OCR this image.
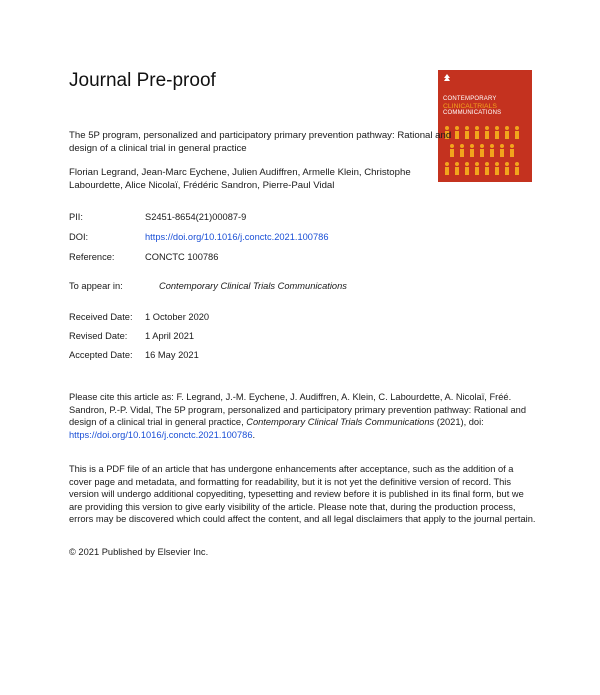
Journal Pre-proof
CONTEMPORARY
CLINICALTRIALS
COMMUNICATIONS
The 5P program, personalized and participatory primary prevention pathway: Rational and design of a clinical trial in general practice
Florian Legrand, Jean-Marc Eychene, Julien Audiffren, Armelle Klein, Christophe Labourdette, Alice Nicolaï, Frédéric Sandron, Pierre-Paul Vidal
PII:	S2451-8654(21)00087-9
DOI:	https://doi.org/10.1016/j.conctc.2021.100786
Reference:	CONCTC 100786
To appear in:	Contemporary Clinical Trials Communications
Received Date: 1 October 2020
Revised Date: 1 April 2021
Accepted Date: 16 May 2021
Please cite this article as: F. Legrand, J.-M. Eychene, J. Audiffren, A. Klein, C. Labourdette, A. Nicolaï, Fréé. Sandron, P.-P. Vidal, The 5P program, personalized and participatory primary prevention pathway: Rational and design of a clinical trial in general practice, Contemporary Clinical Trials Communications (2021), doi: https://doi.org/10.1016/j.conctc.2021.100786.
This is a PDF file of an article that has undergone enhancements after acceptance, such as the addition of a cover page and metadata, and formatting for readability, but it is not yet the definitive version of record. This version will undergo additional copyediting, typesetting and review before it is published in its final form, but we are providing this version to give early visibility of the article. Please note that, during the production process, errors may be discovered which could affect the content, and all legal disclaimers that apply to the journal pertain.
© 2021 Published by Elsevier Inc.
